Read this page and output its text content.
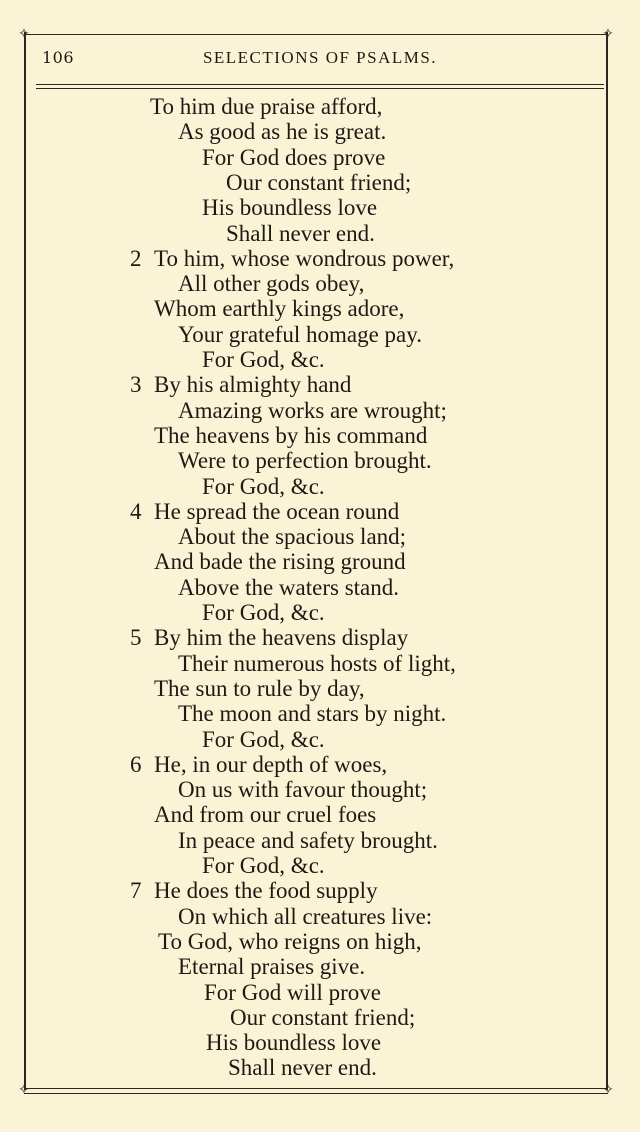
✧	✧
✧	✧
106	SELECTIONS OF PSALMS.
To him due praise afford,
As good as he is great.
For God does prove
Our constant friend;
His boundless love
Shall never end.
2 To him, whose wondrous power,
All other gods obey,
Whom earthly kings adore,
Your grateful homage pay.
For God, &c.
3 By his almighty hand
Amazing works are wrought;
The heavens by his command
Were to perfection brought.
For God, &c.
4 He spread the ocean round
About the spacious land;
And bade the rising ground
Above the waters stand.
For God, &c.
5 By him the heavens display
Their numerous hosts of light,
The sun to rule by day,
The moon and stars by night.
For God, &c.
6 He, in our depth of woes,
On us with favour thought;
And from our cruel foes
In peace and safety brought.
For God, &c.
7 He does the food supply
On which all creatures live:
To God, who reigns on high,
Eternal praises give.
For God will prove
Our constant friend;
His boundless love
Shall never end.
